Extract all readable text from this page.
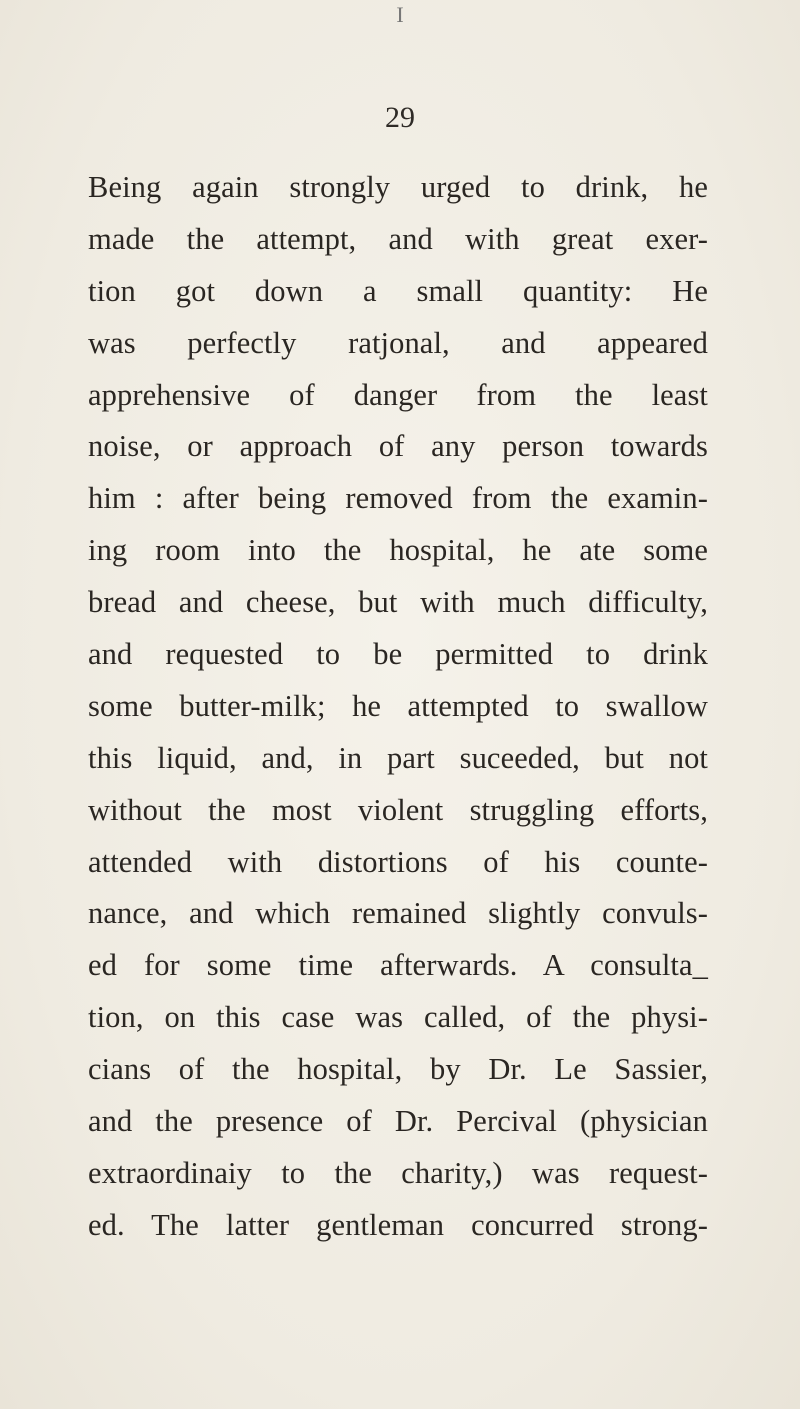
I
29
Being again strongly urged to drink, he
made the attempt, and with great exer-
tion got down a small quantity: He
was perfectly ratjonal, and appeared
apprehensive of danger from the least
noise, or approach of any person towards
him : after being removed from the examin-
ing room into the hospital, he ate some
bread and cheese, but with much difficulty,
and requested to be permitted to drink
some butter-milk; he attempted to swallow
this liquid, and, in part suceeded, but not
without the most violent struggling efforts,
attended with distortions of his counte-
nance, and which remained slightly convuls-
ed for some time afterwards. A consulta_
tion, on this case was called, of the physi-
cians of the hospital, by Dr. Le Sassier,
and the presence of Dr. Percival (physician
extraordinaiy to the charity,) was request-
ed. The latter gentleman concurred strong-
